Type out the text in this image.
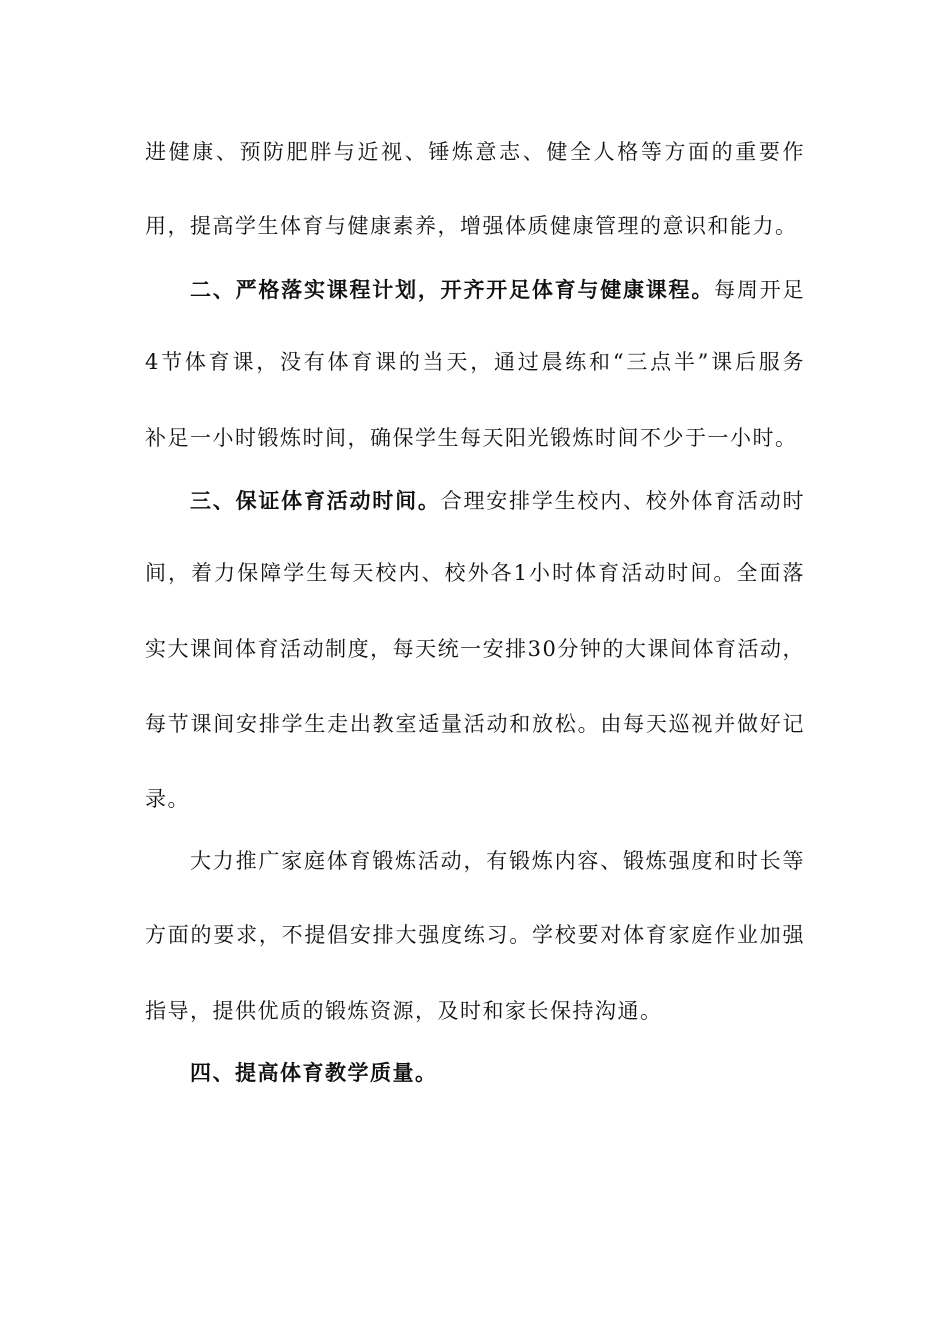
进健康、预防肥胖与近视、锤炼意志、健全人格等方面的重要作
用，提高学生体育与健康素养，增强体质健康管理的意识和能力。
二、严格落实课程计划，开齐开足体育与健康课程。每周开足
4节体育课，没有体育课的当天，通过晨练和“三点半”课后服务
补足一小时锻炼时间，确保学生每天阳光锻炼时间不少于一小时。
三、保证体育活动时间。合理安排学生校内、校外体育活动时
间，着力保障学生每天校内、校外各1小时体育活动时间。全面落
实大课间体育活动制度，每天统一安排30分钟的大课间体育活动，
每节课间安排学生走出教室适量活动和放松。由每天巡视并做好记
录。
大力推广家庭体育锻炼活动，有锻炼内容、锻炼强度和时长等
方面的要求，不提倡安排大强度练习。学校要对体育家庭作业加强
指导，提供优质的锻炼资源，及时和家长保持沟通。
四、提高体育教学质量。
